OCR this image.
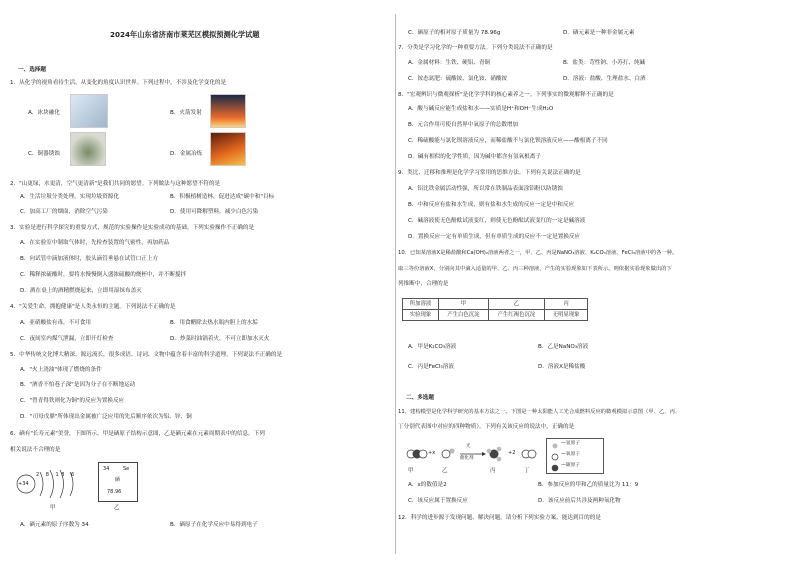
2024年山东省济南市莱芜区模拟预测化学试题
一、选择题
1．从化学的视角看待生活，从变化的角度认识世界。下列过程中，不涉及化学变化的是
A．冰块融化	B．火箭发射
C．铜器锈蚀	D．金属冶炼
2．"山更绿，水更清，空气更清新"是我们共同的愿望。下列做法与这种愿望不符的是
A．生活垃圾分类处理，实现垃圾资源化	B．积极植树造林，促进达成"碳中和"目标
C．加高工厂的烟囱，消除空气污染	D．使用可降解塑料，减少白色污染
3．实验是进行科学探究的重要方式，规范的实验操作是实验成功的基础。下列实验操作不正确的是
A．在实验室中制取气体时，先检查装置的气密性，再加药品
B．向试管中滴加液体时，胶头滴管垂悬在试管口正上方
C．稀释浓硫酸时，要将水慢慢倒入盛浓硫酸的烧杯中，并不断搅拌
D．洒在桌上的酒精燃烧起来，立即用湿抹布盖灭
4．"关爱生命，拥抱健康"是人类永恒的主题。下列说法不正确的是
A．亚硝酸盐有毒，不可食用	B．用食醋除去热水瓶内胆上的水垢
C．夜间室内煤气泄漏，立即开灯检查	D．炒菜时油锅着火，不可立即加水灭火
5．中华传统文化博大精深，源远流长，很多成语、诗词、文物中蕴含着丰富的科学道理。下列说法不正确的是
A．"火上浇油"体现了燃烧的条件
B．"酒香不怕巷子深"是因为分子在不断地运动
C．"曾青得铁则化为铜"的反应为置换反应
D．"司母戊鼎"所体现出金属被广泛应用的先后顺序依次为铝、锌、铜
6．硒有"长寿元素"美誉，下图所示，甲是硒原子结构示意图，乙是硒元素在元素周期表中的信息。下列
相关说法不合理的是
+34
2 8 18 6
甲
34	Se
硒
78.96
乙
A．硒元素的原子序数为 34	B．硒原子在化学反应中易得到电子
C．硒原子的相对原子质量为 78.96g	D．硒元素是一种非金属元素
7．分类是学习化学的一种重要方法。下列分类说法不正确的是
A．金属材料：生铁、硬铝、青铜	B．盐类：苛性钠、小苏打、纯碱
C．铵态氮肥：硫酸铵、氯化铵、硝酸铵	D．溶液：盐酸、生理盐水、白酒
8．"宏观辨识与微观探析"是化学学科的核心素养之一。下列事实的微观解释不正确的是
A．酸与碱反应能生成盐和水——实质是H⁺和OH⁻生成H₂O
B．元合作用可使自然界中氧原子的总数增加
C．稀硫酸能与氯化钡溶液反应，而稀盐酸不与氯化钡溶液反应——酸根离子不同
D．碱有相似的化学性质，因为碱中都含有氢氧根离子
9．类比、迁移和推理是化学学习常用的思维方法。下列有关说法正确的是
A．铝比铁金属活动性强，所以常在铁制品表面涂铝粉以防锈蚀
B．中和反应有盐和水生成，则有盐和水生成的反应一定是中和反应
C．碱溶液使无色酚酞试液变红，则使无色酚酞试液变红的一定是碱溶液
D．置换反应一定有单质生成，但有单质生成的反应不一定是置换反应
10．已知某溶液X是稀盐酸和Ca(OH)₂溶液两者之一，甲、乙、丙是NaNO₃溶液、K₂CO₃溶液、FeCl₃溶液中的各一种。
取三等份溶液X，分别向其中滴入适量的甲、乙、丙三种溶液，产生的实验现象如下表所示。则依据实验现象做出的下
列推断中，合理的是
所加溶液	甲	乙	丙
实验现象	产生白色沉淀	产生红褐色沉淀	无明显现象
A．甲是K₂CO₃溶液	B．乙是NaNO₃溶液
C．丙是FeCl₃溶液	D．溶液X是稀盐酸
二、多选题
11．建构模型是化学科学研究的基本方法之一。下图是一种太阳能人工光合成燃料反应的微观模拟示意图（甲、乙、丙、
丁分别代表图中对应的四种物质）。下列有关该反应的说法中，正确的是
+x
光
催化剂
+2
甲	乙	丙	丁
—氢原子
—氧原子
—碳原子
A．x的数值是2	B．参加反应的甲和乙的质量比为 11：9
C．该反应属于置换反应	D．该反应前后共涉及两种氧化物
12．科学的进步源于发现问题、解决问题。请分析下列实验方案，能达到目的的是
